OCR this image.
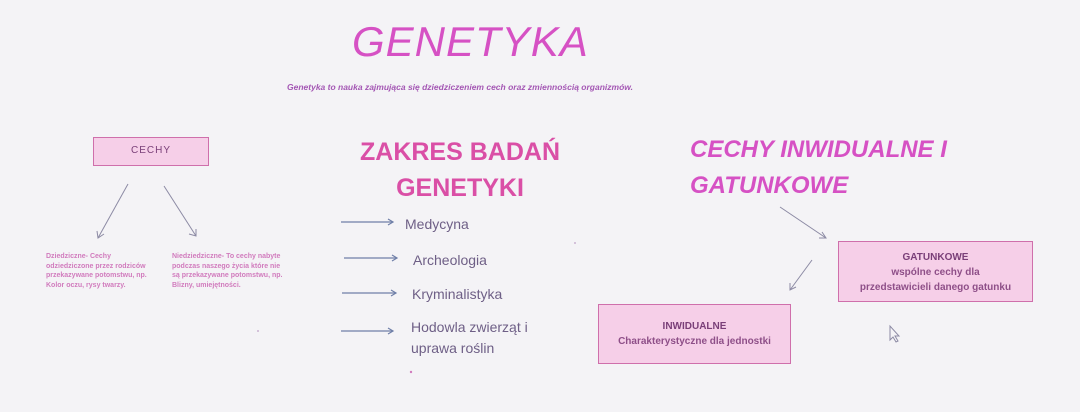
GENETYKA
Genetyka to nauka zajmująca się dziedziczeniem cech oraz zmiennością organizmów.
CECHY
Dziedziczne- Cechy odziedziczone przez rodziców przekazywane potomstwu, np. Kolor oczu, rysy twarzy.
Niedziedziczne- To cechy nabyte podczas naszego życia które nie są przekazywane potomstwu, np. Blizny, umiejętności.
ZAKRES BADAŃ
GENETYKI
Medycyna
Archeologia
Kryminalistyka
Hodowla zwierząt i
uprawa roślin
CECHY INWIDUALNE I
GATUNKOWE
GATUNKOWE
wspólne cechy dla
przedstawicieli danego gatunku
INWIDUALNE
Charakterystyczne dla jednostki
